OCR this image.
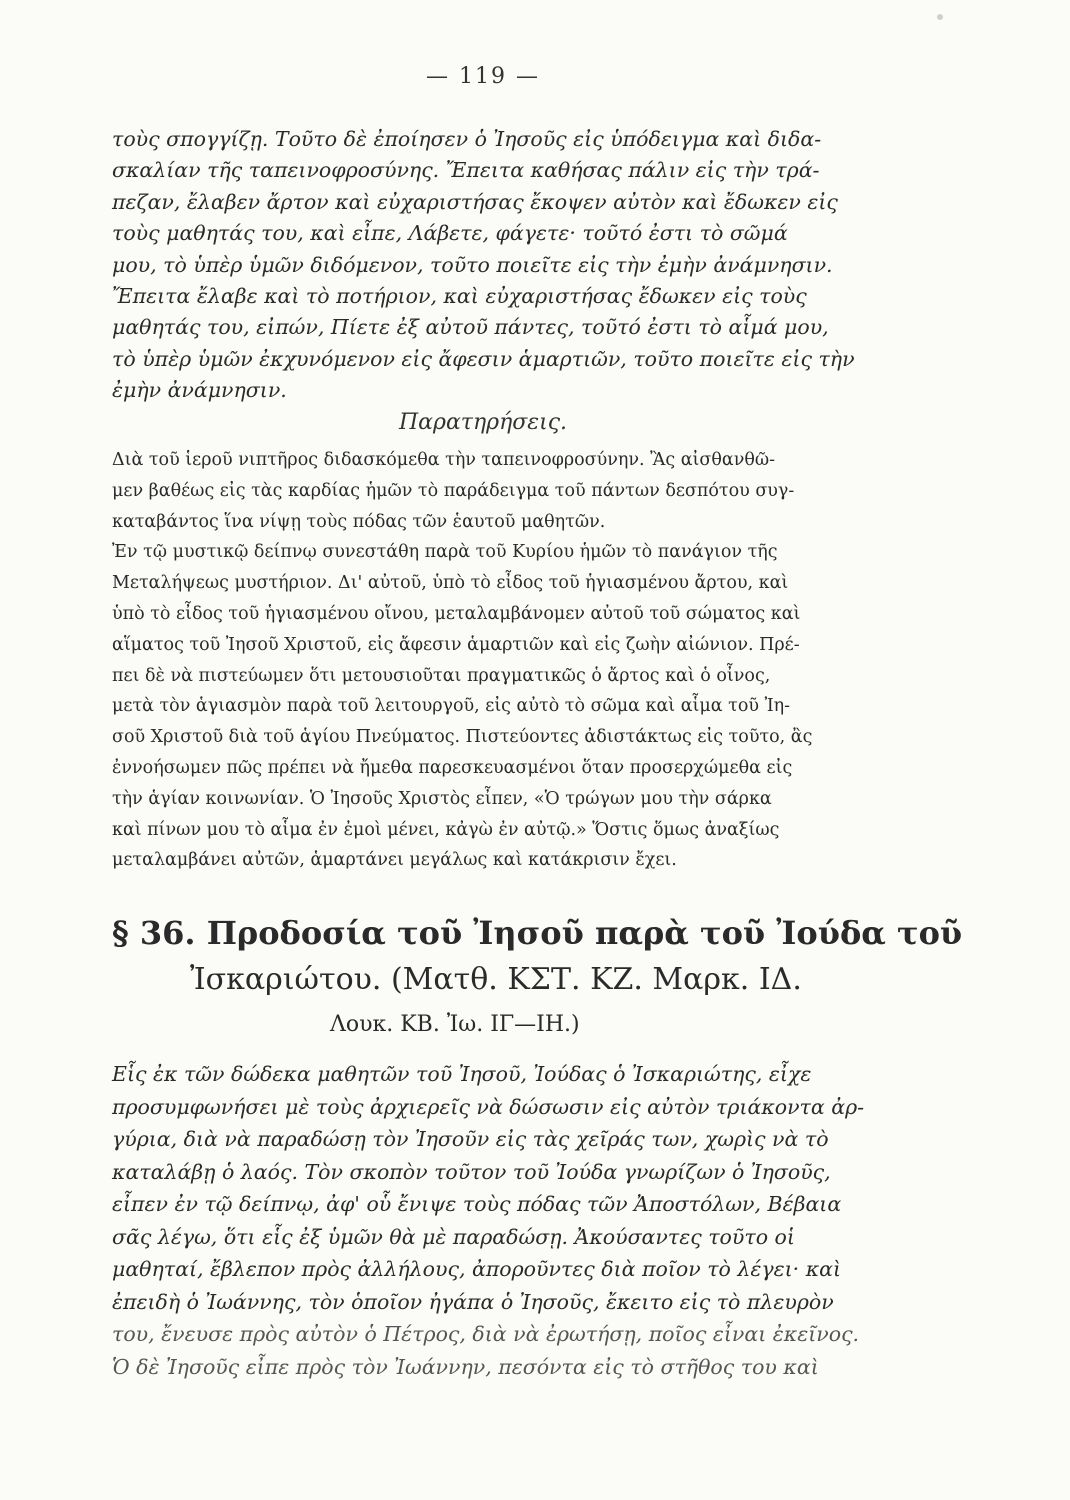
— 119 —
τοὺς σπογγίζῃ. Τοῦτο δὲ ἐποίησεν ὁ Ἰησοῦς εἰς ὑπόδειγμα καὶ διδα-
σκαλίαν τῆς ταπεινοφροσύνης. Ἔπειτα καθήσας πάλιν εἰς τὴν τρά-
πεζαν, ἔλαβεν ἄρτον καὶ εὐχαριστήσας ἔκοψεν αὐτὸν καὶ ἔδωκεν εἰς
τοὺς μαθητάς του, καὶ εἶπε, Λάβετε, φάγετε· τοῦτό ἐστι τὸ σῶμά
μου, τὸ ὑπὲρ ὑμῶν διδόμενον, τοῦτο ποιεῖτε εἰς τὴν ἐμὴν ἀνάμνησιν.
Ἔπειτα ἔλαβε καὶ τὸ ποτήριον, καὶ εὐχαριστήσας ἔδωκεν εἰς τοὺς
μαθητάς του, εἰπών, Πίετε ἐξ αὐτοῦ πάντες, τοῦτό ἐστι τὸ αἷμά μου,
τὸ ὑπὲρ ὑμῶν ἐκχυνόμενον εἰς ἄφεσιν ἁμαρτιῶν, τοῦτο ποιεῖτε εἰς τὴν
ἐμὴν ἀνάμνησιν.
Παρατηρήσεις.
Διὰ τοῦ ἱεροῦ νιπτῆρος διδασκόμεθα τὴν ταπεινοφροσύνην. Ἂς αἰσθανθῶ-
μεν βαθέως εἰς τὰς καρδίας ἡμῶν τὸ παράδειγμα τοῦ πάντων δεσπότου συγ-
καταβάντος ἵνα νίψῃ τοὺς πόδας τῶν ἑαυτοῦ μαθητῶν.
Ἐν τῷ μυστικῷ δείπνῳ συνεστάθη παρὰ τοῦ Κυρίου ἡμῶν τὸ πανάγιον τῆς
Μεταλήψεως μυστήριον. Δι' αὐτοῦ, ὑπὸ τὸ εἶδος τοῦ ἡγιασμένου ἄρτου, καὶ
ὑπὸ τὸ εἶδος τοῦ ἡγιασμένου οἴνου, μεταλαμβάνομεν αὐτοῦ τοῦ σώματος καὶ
αἵματος τοῦ Ἰησοῦ Χριστοῦ, εἰς ἄφεσιν ἁμαρτιῶν καὶ εἰς ζωὴν αἰώνιον. Πρέ-
πει δὲ νὰ πιστεύωμεν ὅτι μετουσιοῦται πραγματικῶς ὁ ἄρτος καὶ ὁ οἶνος,
μετὰ τὸν ἁγιασμὸν παρὰ τοῦ λειτουργοῦ, εἰς αὐτὸ τὸ σῶμα καὶ αἷμα τοῦ Ἰη-
σοῦ Χριστοῦ διὰ τοῦ ἁγίου Πνεύματος. Πιστεύοντες ἀδιστάκτως εἰς τοῦτο, ἂς
ἐννοήσωμεν πῶς πρέπει νὰ ἤμεθα παρεσκευασμένοι ὅταν προσερχώμεθα εἰς
τὴν ἁγίαν κοινωνίαν. Ὁ Ἰησοῦς Χριστὸς εἶπεν, «Ὁ τρώγων μου τὴν σάρκα
καὶ πίνων μου τὸ αἷμα ἐν ἐμοὶ μένει, κἀγὼ ἐν αὐτῷ.» Ὅστις ὅμως ἀναξίως
μεταλαμβάνει αὐτῶν, ἁμαρτάνει μεγάλως καὶ κατάκρισιν ἔχει.
§ 36. Προδοσία τοῦ Ἰησοῦ παρὰ τοῦ Ἰούδα τοῦ
Ἰσκαριώτου. (Ματθ. ΚΣΤ. ΚΖ. Μαρκ. ΙΔ.
Λουκ. ΚΒ. Ἰω. ΙΓ—ΙΗ.)
Εἷς ἐκ τῶν δώδεκα μαθητῶν τοῦ Ἰησοῦ, Ἰούδας ὁ Ἰσκαριώτης, εἶχε
προσυμφωνήσει μὲ τοὺς ἀρχιερεῖς νὰ δώσωσιν εἰς αὐτὸν τριάκοντα ἀρ-
γύρια, διὰ νὰ παραδώσῃ τὸν Ἰησοῦν εἰς τὰς χεῖράς των, χωρὶς νὰ τὸ
καταλάβῃ ὁ λαός. Τὸν σκοπὸν τοῦτον τοῦ Ἰούδα γνωρίζων ὁ Ἰησοῦς,
εἶπεν ἐν τῷ δείπνῳ, ἀφ' οὗ ἔνιψε τοὺς πόδας τῶν Ἀποστόλων, Βέβαια
σᾶς λέγω, ὅτι εἷς ἐξ ὑμῶν θὰ μὲ παραδώσῃ. Ἀκούσαντες τοῦτο οἱ
μαθηταί, ἔβλεπον πρὸς ἀλλήλους, ἀποροῦντες διὰ ποῖον τὸ λέγει· καὶ
ἐπειδὴ ὁ Ἰωάννης, τὸν ὁποῖον ἠγάπα ὁ Ἰησοῦς, ἔκειτο εἰς τὸ πλευρὸν
του, ἔνευσε πρὸς αὐτὸν ὁ Πέτρος, διὰ νὰ ἐρωτήσῃ, ποῖος εἶναι ἐκεῖνος.
Ὁ δὲ Ἰησοῦς εἶπε πρὸς τὸν Ἰωάννην, πεσόντα εἰς τὸ στῆθος του καὶ
